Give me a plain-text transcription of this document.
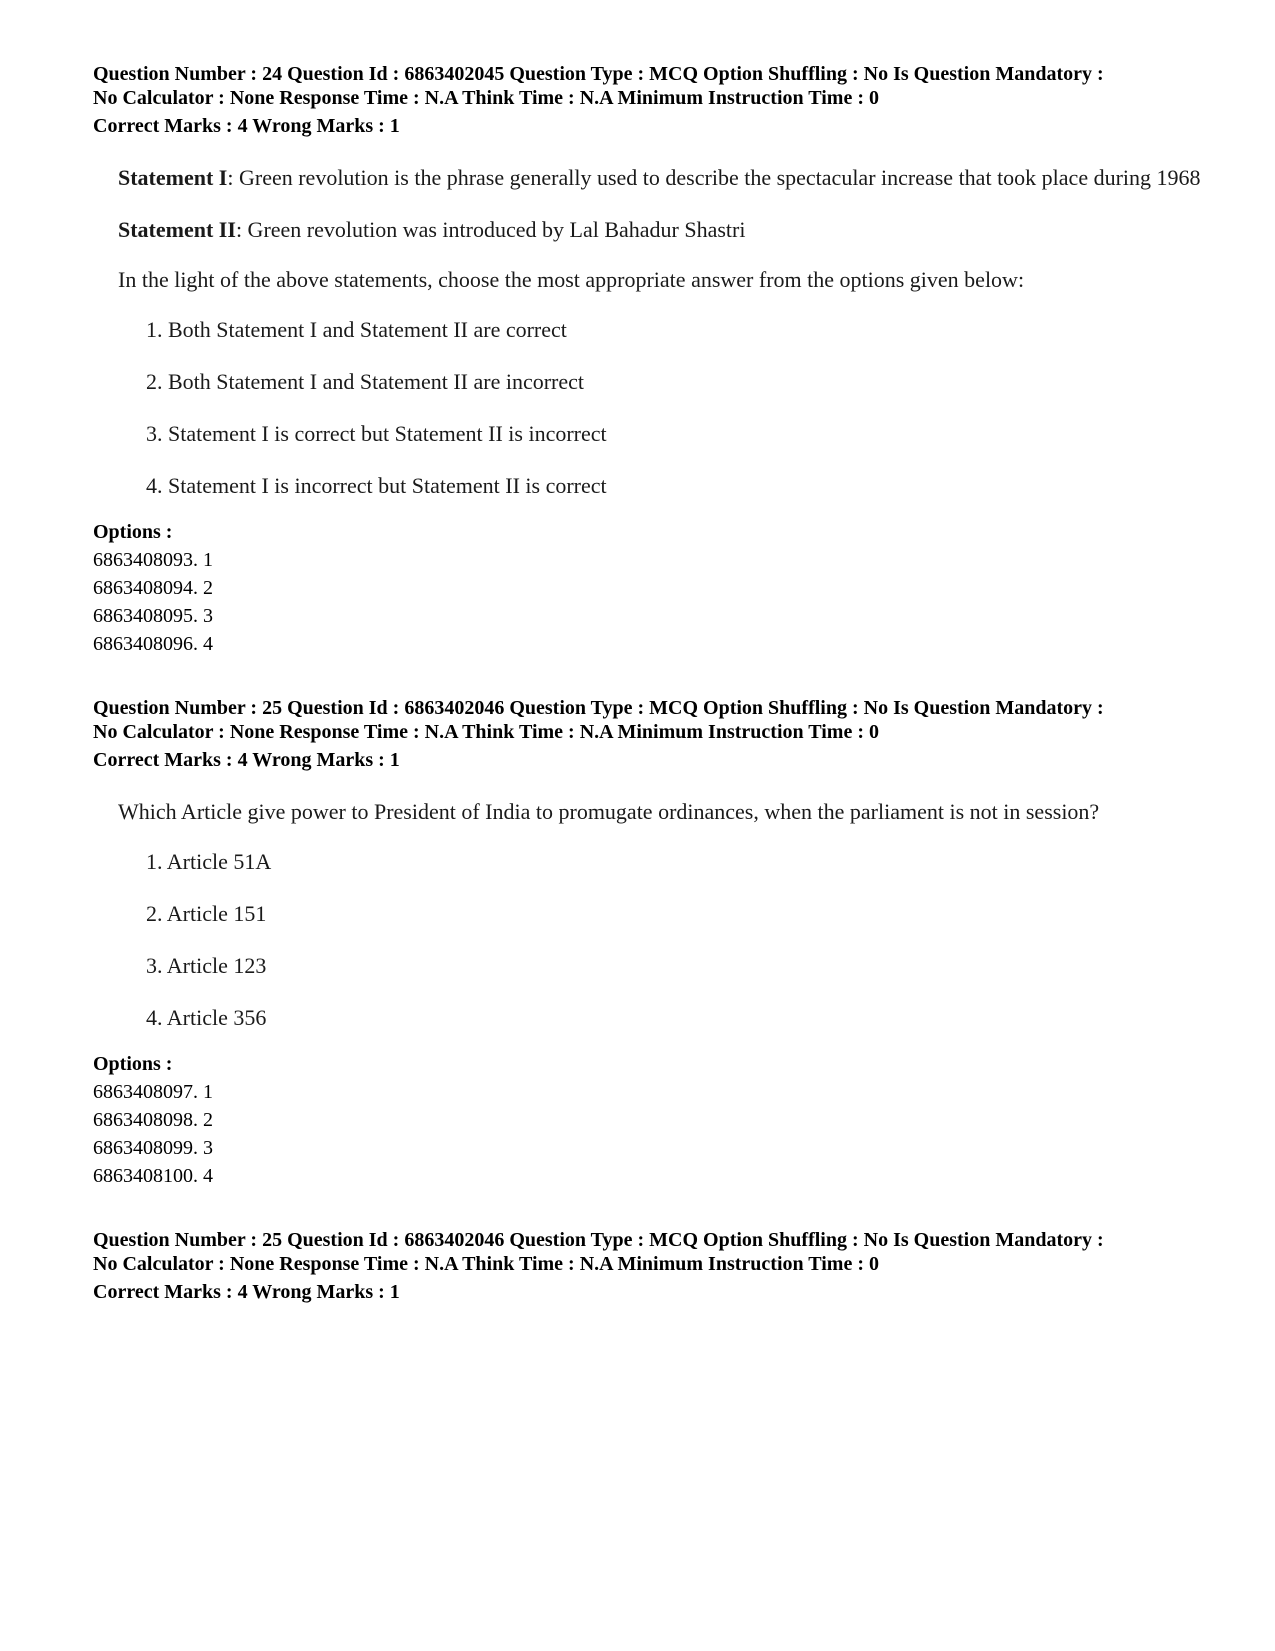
Question Number : 24 Question Id : 6863402045 Question Type : MCQ Option Shuffling : No Is Question Mandatory :
No Calculator : None Response Time : N.A Think Time : N.A Minimum Instruction Time : 0
Correct Marks : 4 Wrong Marks : 1

Statement I: Green revolution is the phrase generally used to describe the spectacular increase that took place during 1968

Statement II: Green revolution was introduced by Lal Bahadur Shastri

In the light of the above statements, choose the most appropriate answer from the options given below:

1. Both Statement I and Statement II are correct
2. Both Statement I and Statement II are incorrect
3. Statement I is correct but Statement II is incorrect
4. Statement I is incorrect but Statement II is correct
Options :
6863408093. 1
6863408094. 2
6863408095. 3
6863408096. 4
Question Number : 25 Question Id : 6863402046 Question Type : MCQ Option Shuffling : No Is Question Mandatory :
No Calculator : None Response Time : N.A Think Time : N.A Minimum Instruction Time : 0
Correct Marks : 4 Wrong Marks : 1

Which Article give power to President of India to promugate ordinances, when the parliament is not in session?

1. Article 51A
2. Article 151
3. Article 123
4. Article 356
Options :
6863408097. 1
6863408098. 2
6863408099. 3
6863408100. 4
Question Number : 25 Question Id : 6863402046 Question Type : MCQ Option Shuffling : No Is Question Mandatory :
No Calculator : None Response Time : N.A Think Time : N.A Minimum Instruction Time : 0
Correct Marks : 4 Wrong Marks : 1
